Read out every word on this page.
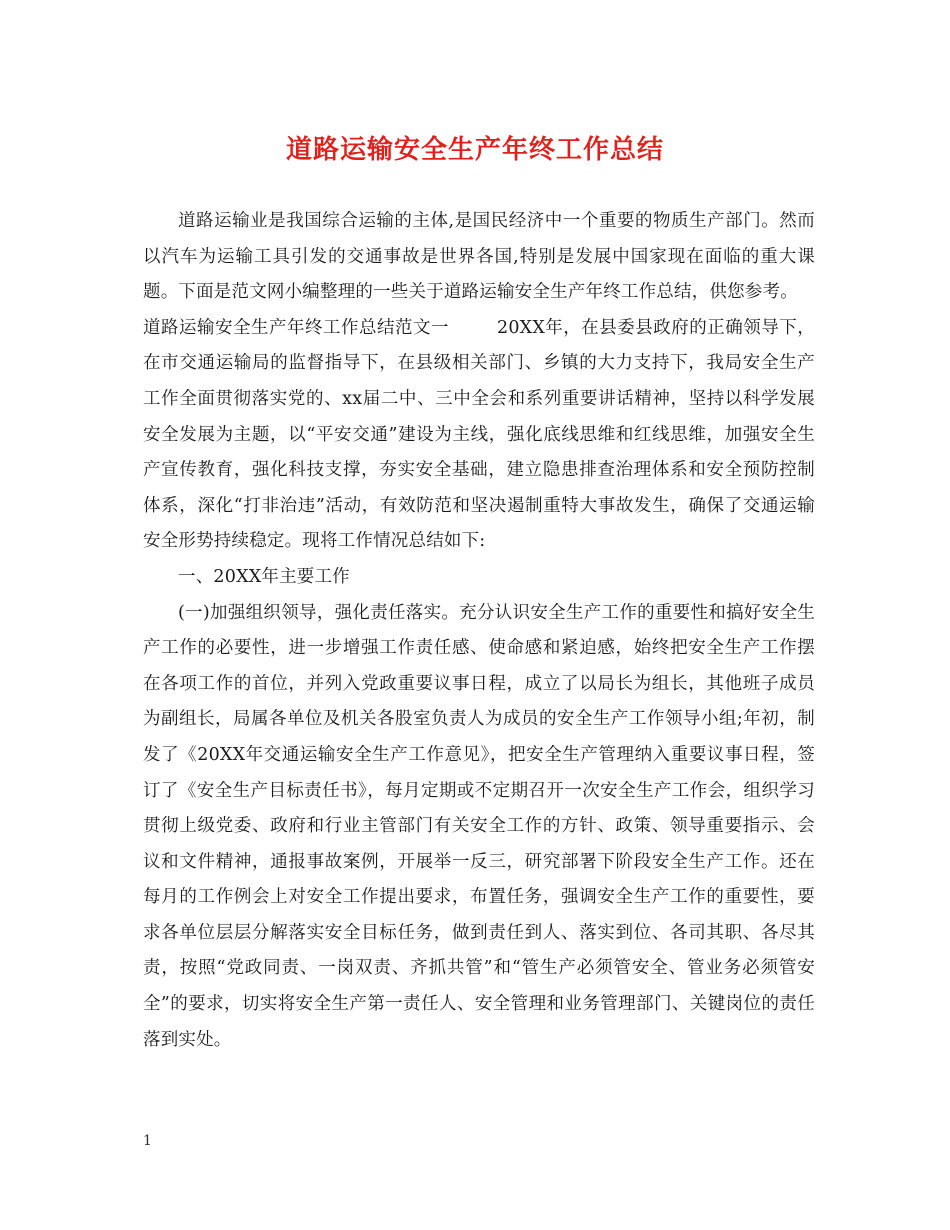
道路运输安全生产年终工作总结

道路运输业是我国综合运输的主体,是国民经济中一个重要的物质生产部门。然而以汽车为运输工具引发的交通事故是世界各国,特别是发展中国家现在面临的重大课题。下面是范文网小编整理的一些关于道路运输安全生产年终工作总结，供您参考。

道路运输安全生产年终工作总结范文一	20XX年，在县委县政府的正确领导下，在市交通运输局的监督指导下，在县级相关部门、乡镇的大力支持下，我局安全生产工作全面贯彻落实党的、xx届二中、三中全会和系列重要讲话精神，坚持以科学发展安全发展为主题，以“平安交通”建设为主线，强化底线思维和红线思维，加强安全生产宣传教育，强化科技支撑，夯实安全基础，建立隐患排查治理体系和安全预防控制体系，深化“打非治违”活动，有效防范和坚决遏制重特大事故发生，确保了交通运输安全形势持续稳定。现将工作情况总结如下:

一、20XX年主要工作

(一)加强组织领导，强化责任落实。充分认识安全生产工作的重要性和搞好安全生产工作的必要性，进一步增强工作责任感、使命感和紧迫感，始终把安全生产工作摆在各项工作的首位，并列入党政重要议事日程，成立了以局长为组长，其他班子成员为副组长，局属各单位及机关各股室负责人为成员的安全生产工作领导小组;年初，制发了《20XX年交通运输安全生产工作意见》，把安全生产管理纳入重要议事日程，签订了《安全生产目标责任书》，每月定期或不定期召开一次安全生产工作会，组织学习贯彻上级党委、政府和行业主管部门有关安全工作的方针、政策、领导重要指示、会议和文件精神，通报事故案例，开展举一反三，研究部署下阶段安全生产工作。还在每月的工作例会上对安全工作提出要求，布置任务，强调安全生产工作的重要性，要求各单位层层分解落实安全目标任务，做到责任到人、落实到位、各司其职、各尽其责，按照“党政同责、一岗双责、齐抓共管”和“管生产必须管安全、管业务必须管安全”的要求，切实将安全生产第一责任人、安全管理和业务管理部门、关键岗位的责任落到实处。

1
